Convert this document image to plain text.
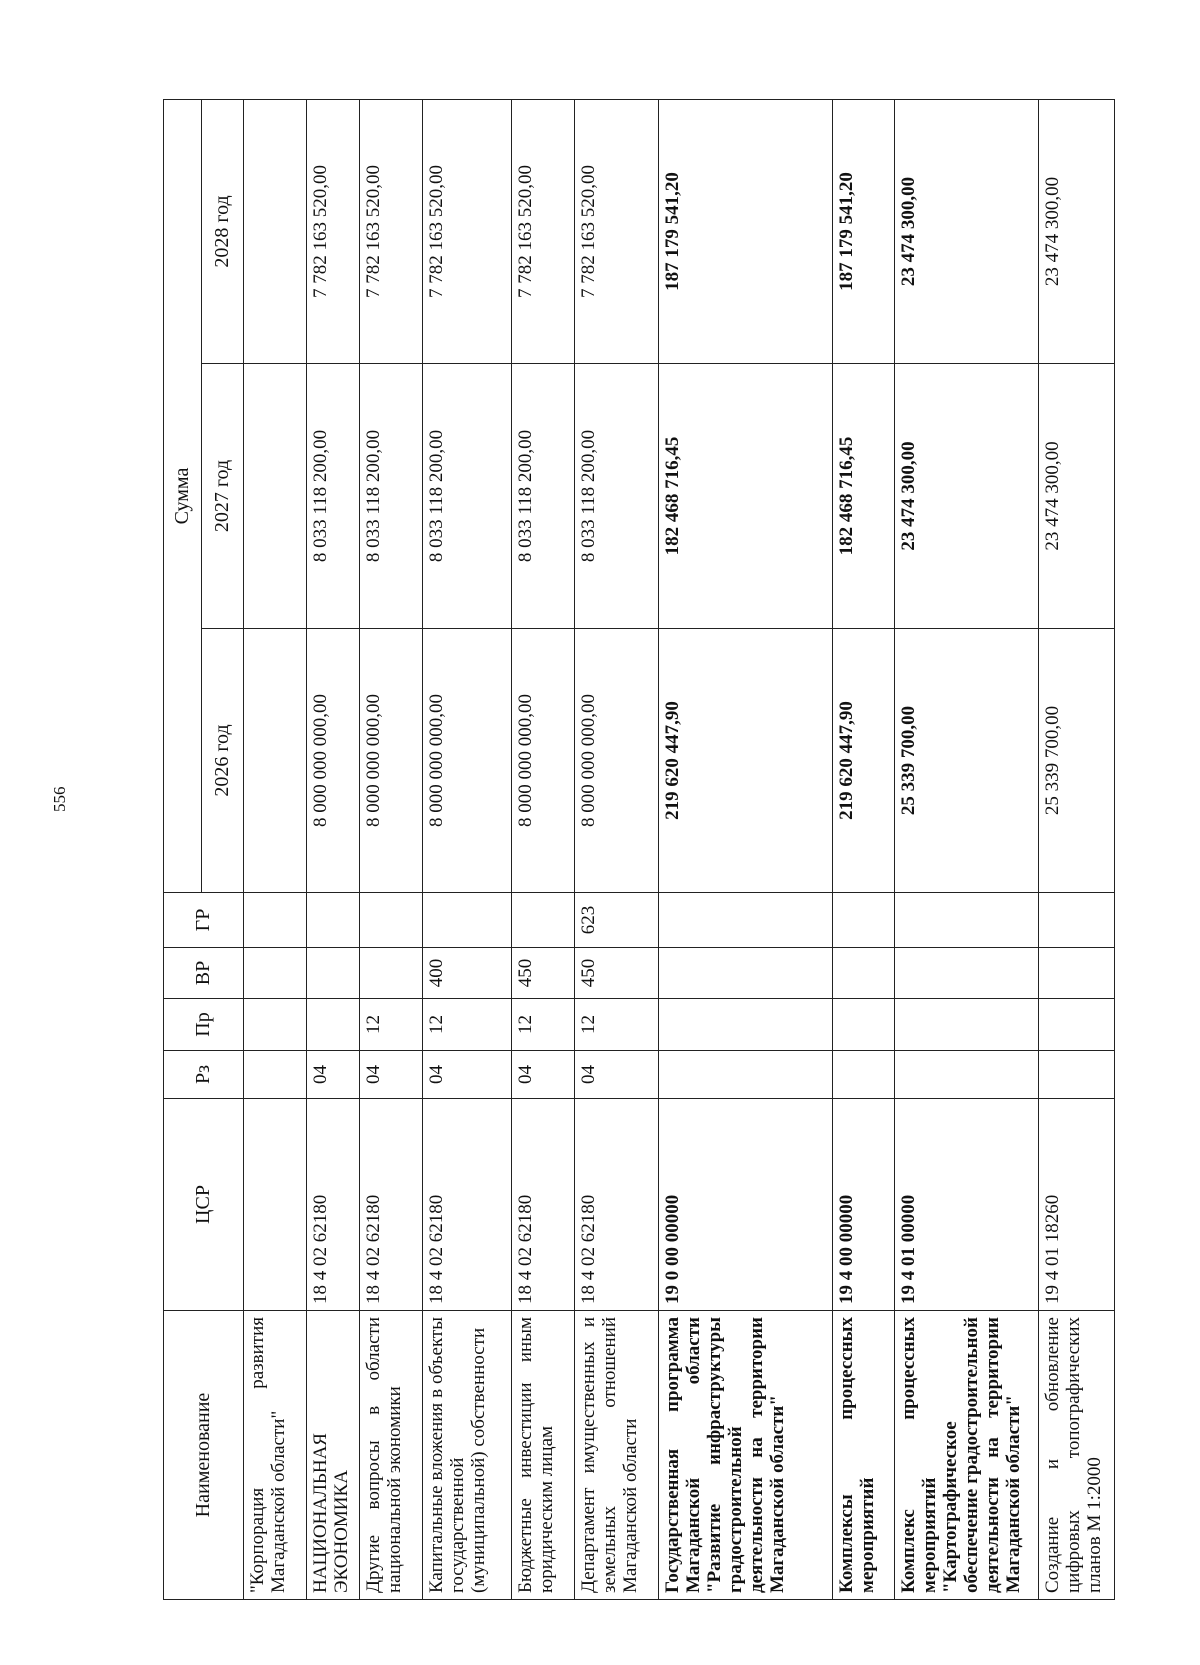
556
Наименование	ЦСР	Рз	Пр	ВР	ГР	Сумма		
						2026 год	2027 год	2028 год
"Корпорация развития Магаданской области"								
НАЦИОНАЛЬНАЯ ЭКОНОМИКА	18 4 02 62180	04				8 000 000 000,00	8 033 118 200,00	7 782 163 520,00
Другие вопросы в области национальной экономики	18 4 02 62180	04	12			8 000 000 000,00	8 033 118 200,00	7 782 163 520,00
Капитальные вложения в объекты государственной (муниципальной) собственности	18 4 02 62180	04	12	400		8 000 000 000,00	8 033 118 200,00	7 782 163 520,00
Бюджетные инвестиции иным юридическим лицам	18 4 02 62180	04	12	450		8 000 000 000,00	8 033 118 200,00	7 782 163 520,00
Департамент имущественных и земельных отношений Магаданской области	18 4 02 62180	04	12	450	623	8 000 000 000,00	8 033 118 200,00	7 782 163 520,00
Государственная программа Магаданской области "Развитие инфраструктуры градостроительной деятельности на территории Магаданской области"	19 0 00 00000					219 620 447,90	182 468 716,45	187 179 541,20
Комплексы процессных мероприятий	19 4 00 00000					219 620 447,90	182 468 716,45	187 179 541,20
Комплекс процессных мероприятий "Картографическое обеспечение градостроительной деятельности на территории Магаданской области"	19 4 01 00000					25 339 700,00	23 474 300,00	23 474 300,00
Создание и обновление цифровых топографических планов М 1:2000	19 4 01 18260					25 339 700,00	23 474 300,00	23 474 300,00
